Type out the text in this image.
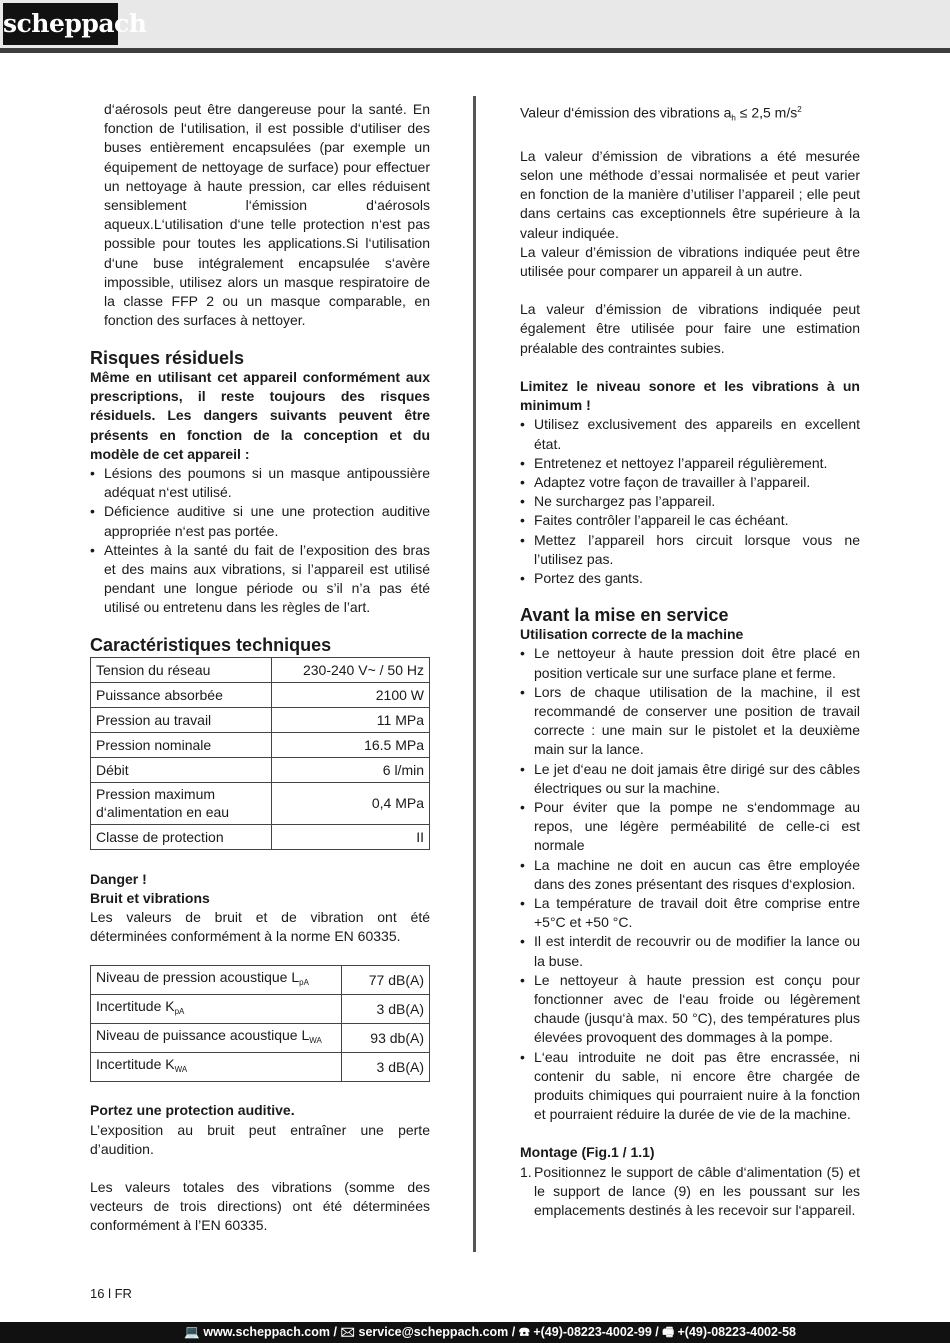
scheppach

d‘aérosols peut être dangereuse pour la santé. En fonction de l‘utilisation, il est possible d‘utiliser des buses entièrement encapsulées (par exemple un équipement de nettoyage de surface) pour effectuer un nettoyage à haute pression, car elles réduisent sensiblement l‘émission d‘aérosols aqueux.L‘utilisation d‘une telle protection n‘est pas possible pour toutes les applications.Si l‘utilisation d‘une buse intégralement encapsulée s‘avère impossible, utilisez alors un masque respiratoire de la classe FFP 2 ou un masque comparable, en fonction des surfaces à nettoyer.

Risques résiduels

Même en utilisant cet appareil conformément aux prescriptions, il reste toujours des risques résiduels. Les dangers suivants peuvent être présents en fonction de la conception et du modèle de cet appareil :

• Lésions des poumons si un masque antipoussière adéquat n‘est utilisé.
• Déficience auditive si une une protection auditive appropriée n‘est pas portée.
• Atteintes à la santé du fait de l’exposition des bras et des mains aux vibrations, si l’appareil est utilisé pendant une longue période ou s’il n’a pas été utilisé ou entretenu dans les règles de l’art.
Caractéristiques techniques
Tension du réseau	230-240 V~ / 50 Hz
Puissance absorbée	2100 W
Pression au travail	11 MPa
Pression nominale	16.5 MPa
Débit	6 l/min
Pression maximum d‘alimentation en eau	0,4 MPa
Classe de protection	II

Danger !

Bruit et vibrations

Les valeurs de bruit et de vibration ont été déterminées conformément à la norme EN 60335.

Niveau de pression acoustique $L_{pA}$	77 dB(A)
Incertitude $K_{pA}$	3 dB(A)
Niveau de puissance acoustique $L_{WA}$	93 db(A)
Incertitude $K_{WA}$	3 dB(A)

Portez une protection auditive.

L’exposition au bruit peut entraîner une perte d’audition.

Les valeurs totales des vibrations (somme des vecteurs de trois directions) ont été déterminées conformément à l’EN 60335.

Valeur d‘émission des vibrations $a_h \le 2,5$ $m/s^2$

La valeur d’émission de vibrations a été mesurée selon une méthode d’essai normalisée et peut varier en fonction de la manière d’utiliser l’appareil ; elle peut dans certains cas exceptionnels être supérieure à la valeur indiquée.

La valeur d’émission de vibrations indiquée peut être utilisée pour comparer un appareil à un autre.

La valeur d’émission de vibrations indiquée peut également être utilisée pour faire une estimation préalable des contraintes subies.

Limitez le niveau sonore et les vibrations à un minimum !

• Utilisez exclusivement des appareils en excellent état.
• Entretenez et nettoyez l’appareil régulièrement.
• Adaptez votre façon de travailler à l’appareil.
• Ne surchargez pas l’appareil.
• Faites contrôler l’appareil le cas échéant.
• Mettez l’appareil hors circuit lorsque vous ne l’utilisez pas.
• Portez des gants.
Avant la mise en service

Utilisation correcte de la machine

• Le nettoyeur à haute pression doit être placé en position verticale sur une surface plane et ferme.
• Lors de chaque utilisation de la machine, il est recommandé de conserver une position de travail correcte : une main sur le pistolet et la deuxième main sur la lance.
• Le jet d‘eau ne doit jamais être dirigé sur des câbles électriques ou sur la machine.
• Pour éviter que la pompe ne s‘endommage au repos, une légère perméabilité de celle-ci est normale
• La machine ne doit en aucun cas être employée dans des zones présentant des risques d‘explosion.
• La température de travail doit être comprise entre +5°C et +50 °C.
• Il est interdit de recouvrir ou de modifier la lance ou la buse.
• Le nettoyeur à haute pression est conçu pour fonctionner avec de l‘eau froide ou légèrement chaude (jusqu‘à max. 50 °C), des températures plus élevées provoquent des dommages à la pompe.
• L‘eau introduite ne doit pas être encrassée, ni contenir du sable, ni encore être chargée de produits chimiques qui pourraient nuire à la fonction et pourraient réduire la durée de vie de la machine.

Montage (Fig.1 / 1.1)

1. Positionnez le support de câble d‘alimentation (5) et le support de lance (9) en les poussant sur les emplacements destinés à les recevoir sur l‘appareil.
16 l FR
💻 www.scheppach.com / 🖂 service@scheppach.com / ☎ +(49)-08223-4002-99 / 🖷 +(49)-08223-4002-58
